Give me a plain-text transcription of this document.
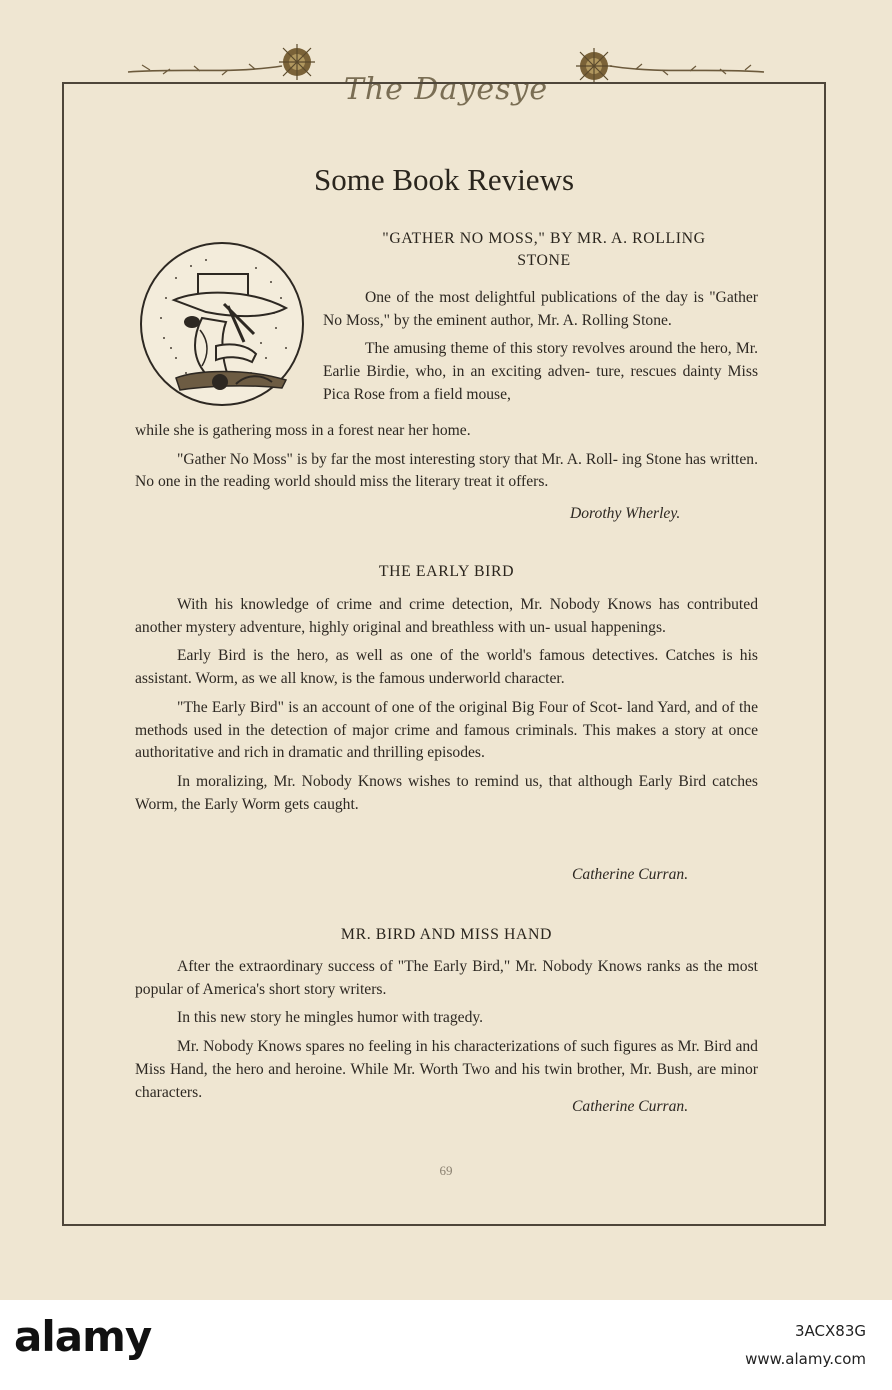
The Dayesye
Some Book Reviews
"GATHER NO MOSS," BY MR. A. ROLLING
STONE

One of the most delightful publications of the day is "Gather No Moss," by the eminent author, Mr. A. Rolling Stone.

The amusing theme of this story revolves around the hero, Mr. Earlie Birdie, who, in an exciting adven- ture, rescues dainty Miss Pica Rose from a field mouse,

while she is gathering moss in a forest near her home.

"Gather No Moss" is by far the most interesting story that Mr. A. Roll- ing Stone has written. No one in the reading world should miss the literary treat it offers.

Dorothy Wherley.
THE EARLY BIRD

With his knowledge of crime and crime detection, Mr. Nobody Knows has contributed another mystery adventure, highly original and breathless with un- usual happenings.

Early Bird is the hero, as well as one of the world's famous detectives. Catches is his assistant. Worm, as we all know, is the famous underworld character.

"The Early Bird" is an account of one of the original Big Four of Scot- land Yard, and of the methods used in the detection of major crime and famous criminals. This makes a story at once authoritative and rich in dramatic and thrilling episodes.

In moralizing, Mr. Nobody Knows wishes to remind us, that although Early Bird catches Worm, the Early Worm gets caught.

Catherine Curran.
MR. BIRD AND MISS HAND

After the extraordinary success of "The Early Bird," Mr. Nobody Knows ranks as the most popular of America's short story writers.

In this new story he mingles humor with tragedy.

Mr. Nobody Knows spares no feeling in his characterizations of such figures as Mr. Bird and Miss Hand, the hero and heroine. While Mr. Worth Two and his twin brother, Mr. Bush, are minor characters.

Catherine Curran.
69
alamy	3ACX83G
www.alamy.com
